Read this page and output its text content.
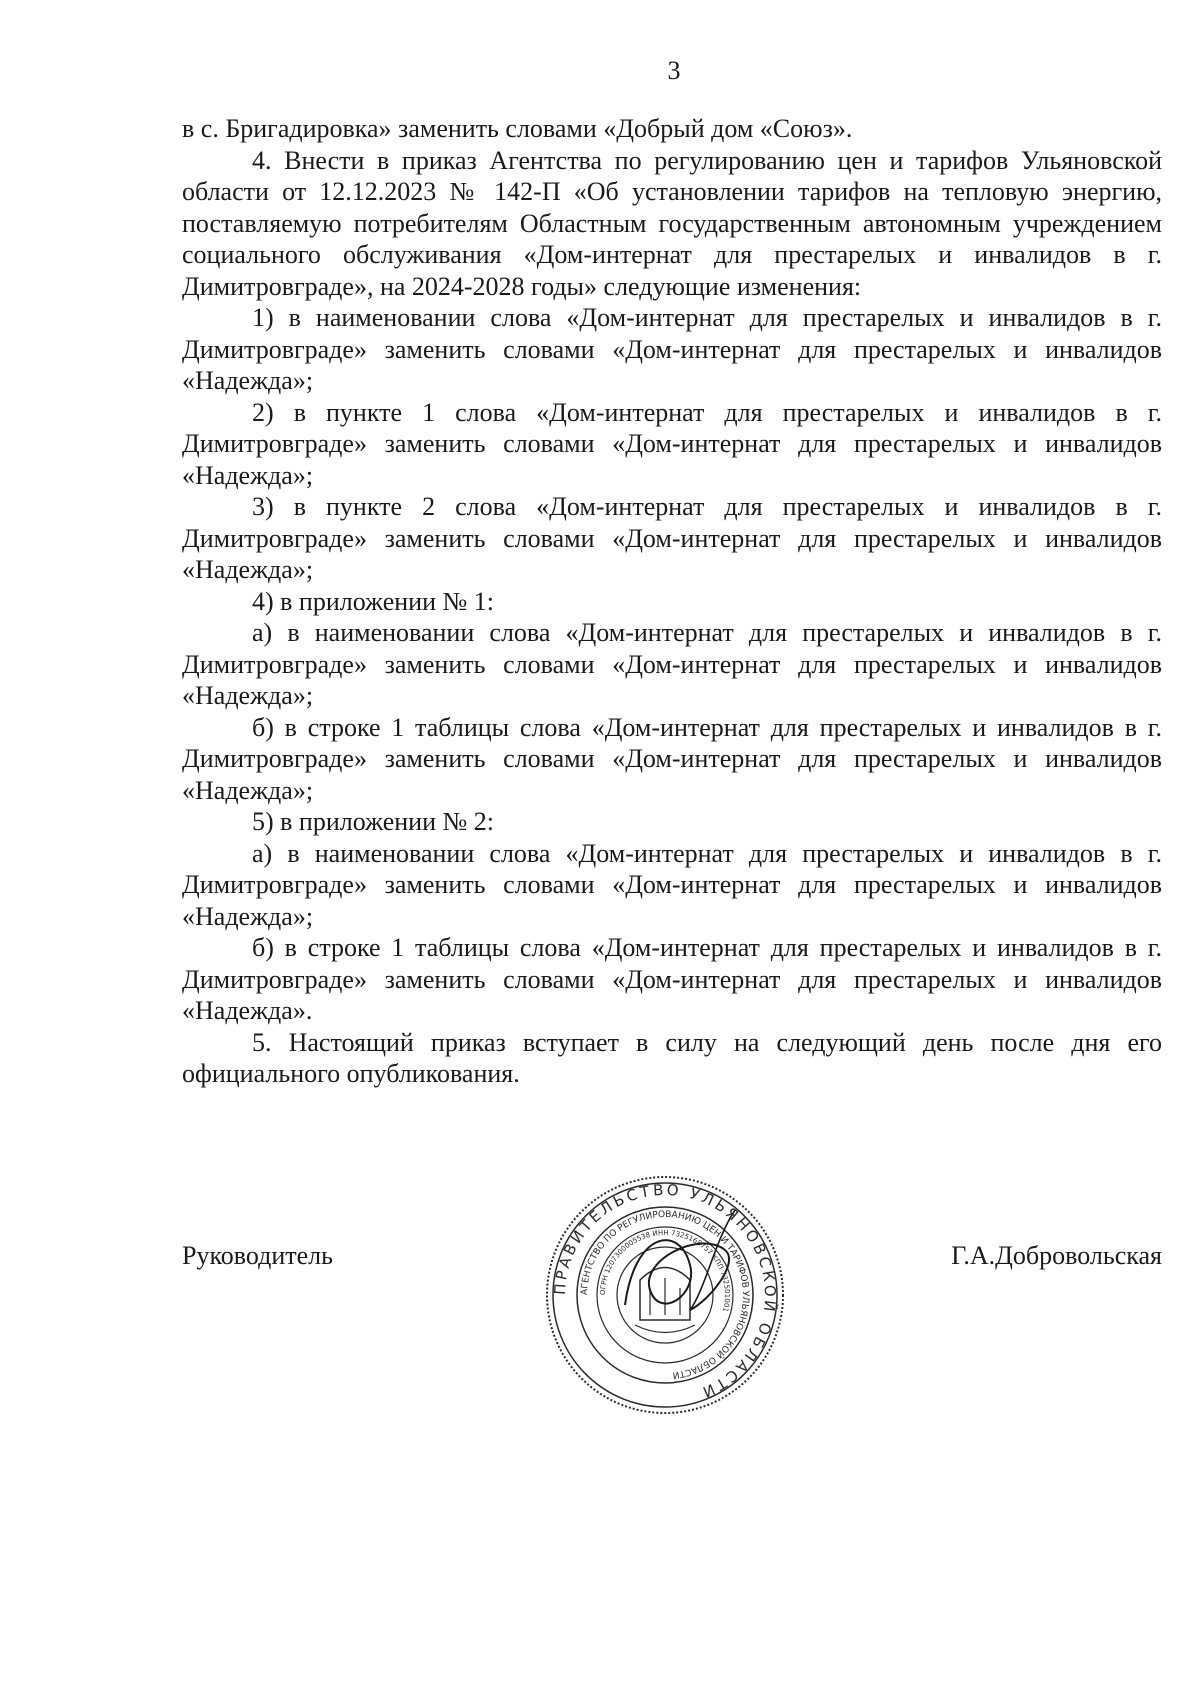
3

в с. Бригадировка» заменить словами «Добрый дом «Союз».

4. Внести в приказ Агентства по регулированию цен и тарифов Ульяновской области от 12.12.2023 № 142-П «Об установлении тарифов на тепловую энергию, поставляемую потребителям Областным государственным автономным учреждением социального обслуживания «Дом-интернат для престарелых и инвалидов в г. Димитровграде», на 2024-2028 годы» следующие изменения:

1) в наименовании слова «Дом-интернат для престарелых и инвалидов в г. Димитровграде» заменить словами «Дом-интернат для престарелых и инвалидов «Надежда»;

2) в пункте 1 слова «Дом-интернат для престарелых и инвалидов в г. Димитровграде» заменить словами «Дом-интернат для престарелых и инвалидов «Надежда»;

3) в пункте 2 слова «Дом-интернат для престарелых и инвалидов в г. Димитровграде» заменить словами «Дом-интернат для престарелых и инвалидов «Надежда»;

4) в приложении № 1:

а) в наименовании слова «Дом-интернат для престарелых и инвалидов в г. Димитровграде» заменить словами «Дом-интернат для престарелых и инвалидов «Надежда»;

б) в строке 1 таблицы слова «Дом-интернат для престарелых и инвалидов в г. Димитровграде» заменить словами «Дом-интернат для престарелых и инвалидов «Надежда»;

5) в приложении № 2:

а) в наименовании слова «Дом-интернат для престарелых и инвалидов в г. Димитровграде» заменить словами «Дом-интернат для престарелых и инвалидов «Надежда»;

б) в строке 1 таблицы слова «Дом-интернат для престарелых и инвалидов в г. Димитровграде» заменить словами «Дом-интернат для престарелых и инвалидов «Надежда».

5. Настоящий приказ вступает в силу на следующий день после дня его официального опубликования.

Руководитель	Г.А.Добровольская
ПРАВИТЕЛЬСТВО УЛЬЯНОВСКОЙ ОБЛАСТИ
АГЕНТСТВО ПО РЕГУЛИРОВАНИЮ ЦЕН И ТАРИФОВ УЛЬЯНОВСКОЙ ОБЛАСТИ
ОГРН 1207300005538 ИНН 7325168757 КПП 732501001
